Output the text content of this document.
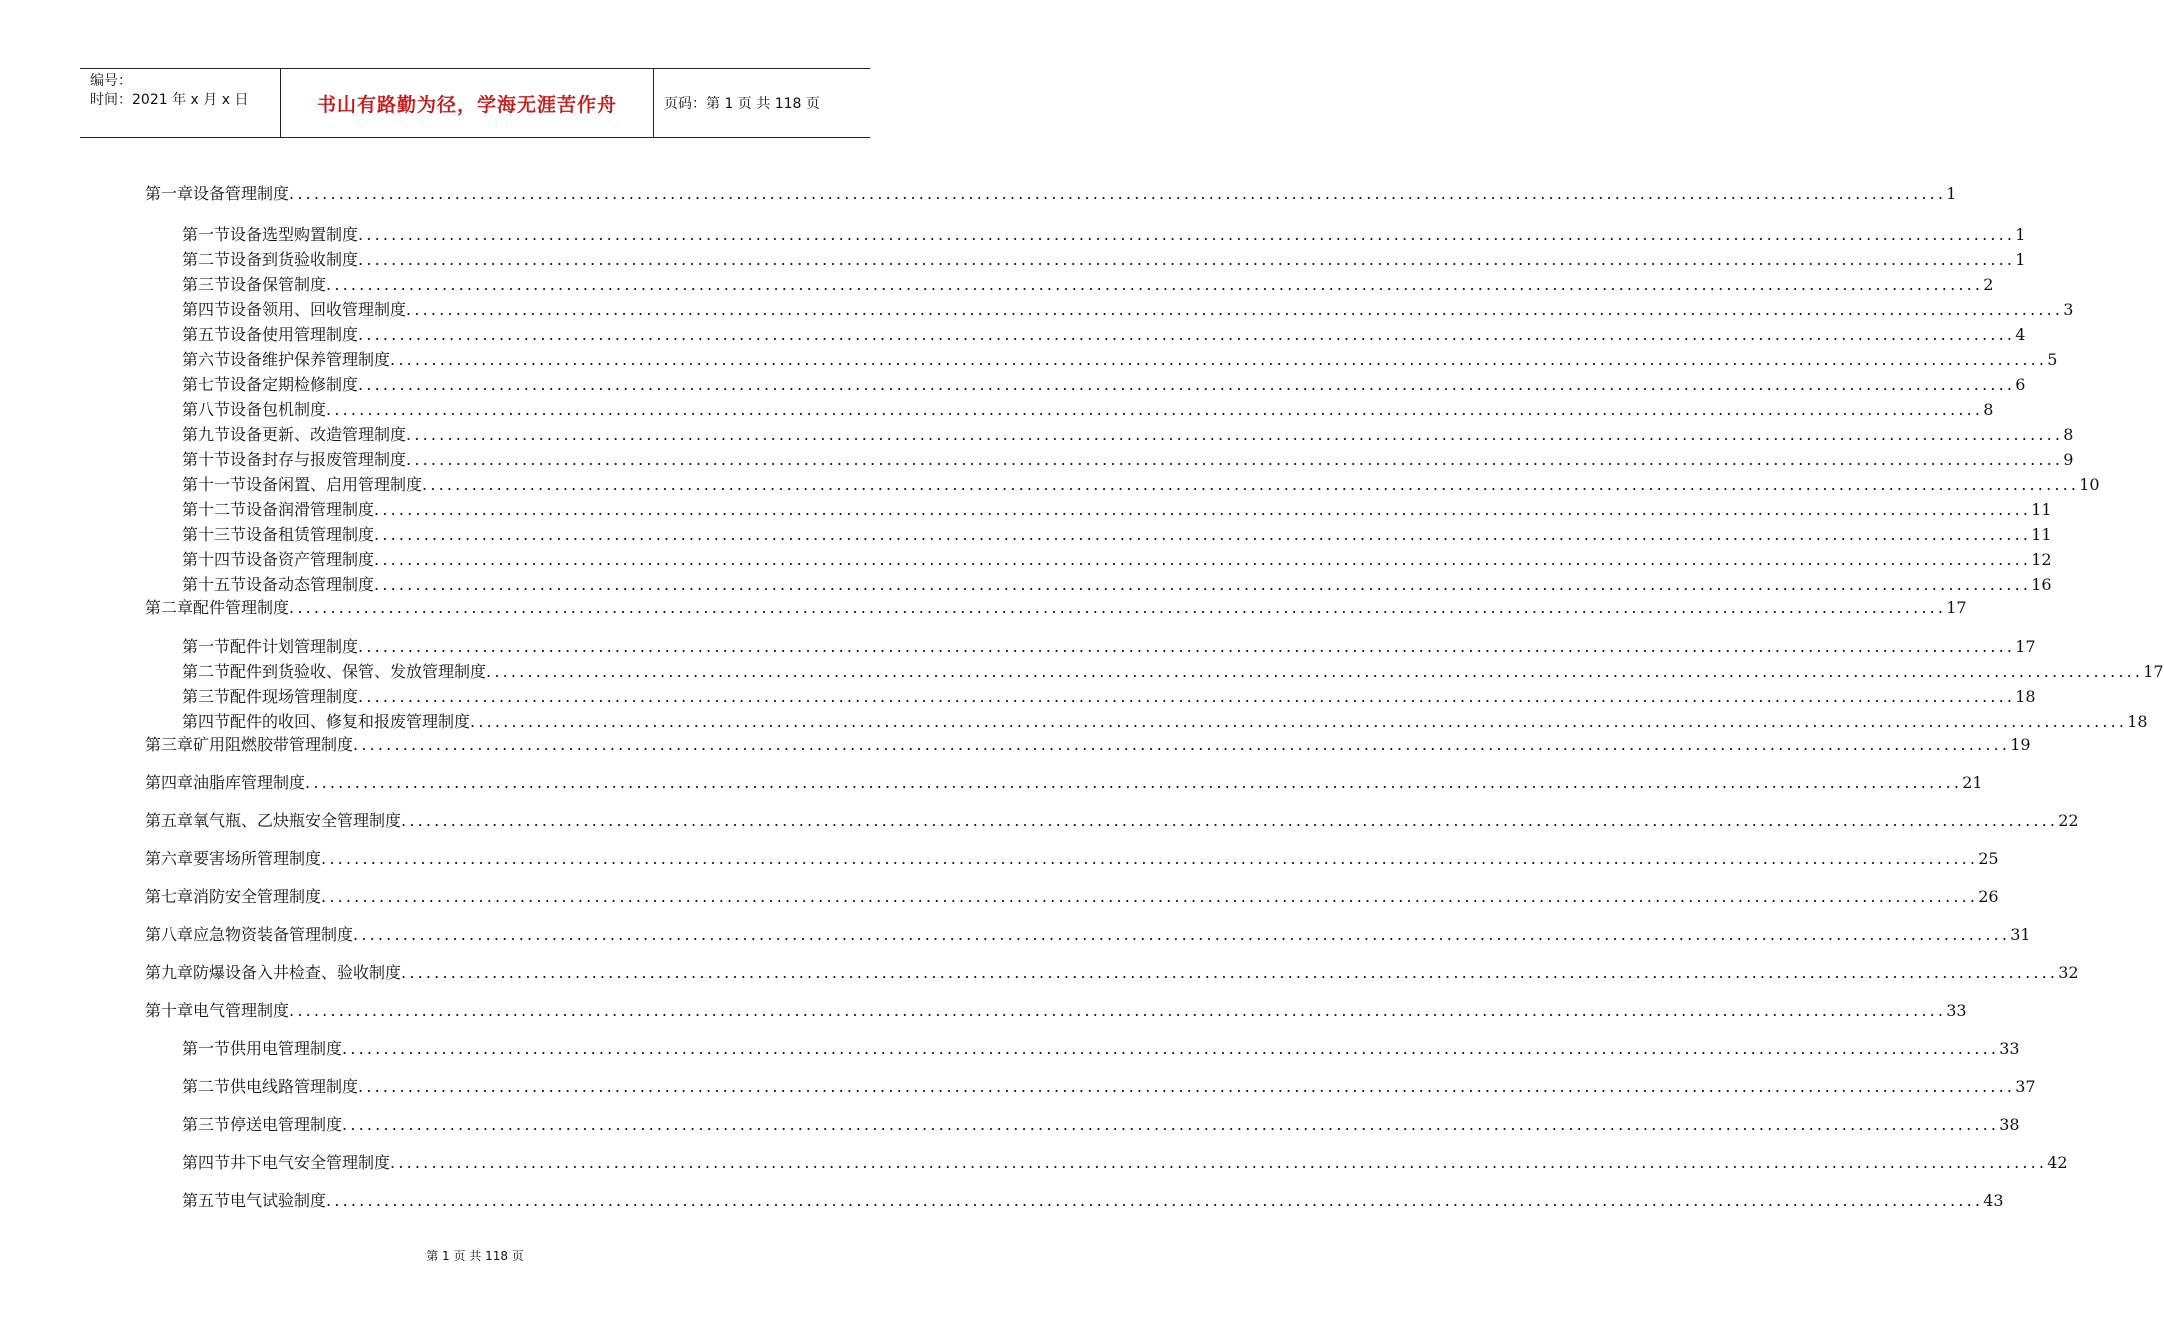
编号：
时间：2021 年 x 月 x 日	书山有路勤为径，学海无涯苦作舟	页码：第 1 页 共 118 页
第一章 设备管理制度 ........................................................................................................................................................................................................ 1
第一节 设备选型购置制度 ........................................................................................................................................................................................................ 1
第二节 设备到货验收制度 ........................................................................................................................................................................................................ 1
第三节 设备保管制度 ........................................................................................................................................................................................................ 2
第四节 设备领用、回收管理制度 ........................................................................................................................................................................................................ 3
第五节 设备使用管理制度 ........................................................................................................................................................................................................ 4
第六节 设备维护保养管理制度 ........................................................................................................................................................................................................ 5
第七节 设备定期检修制度 ........................................................................................................................................................................................................ 6
第八节 设备包机制度 ........................................................................................................................................................................................................ 8
第九节 设备更新、改造管理制度 ........................................................................................................................................................................................................ 8
第十节 设备封存与报废管理制度 ........................................................................................................................................................................................................ 9
第十一节 设备闲置、启用管理制度 ........................................................................................................................................................................................................ 10
第十二节 设备润滑管理制度 ........................................................................................................................................................................................................ 11
第十三节 设备租赁管理制度 ........................................................................................................................................................................................................ 11
第十四节 设备资产管理制度 ........................................................................................................................................................................................................ 12
第十五节 设备动态管理制度 ........................................................................................................................................................................................................ 16
第二章 配件管理制度 ........................................................................................................................................................................................................ 17
第一节 配件计划管理制度 ........................................................................................................................................................................................................ 17
第二节 配件到货验收、保管、发放管理制度 ........................................................................................................................................................................................................ 17
第三节 配件现场管理制度 ........................................................................................................................................................................................................ 18
第四节 配件的收回、修复和报废管理制度 ........................................................................................................................................................................................................ 18
第三章 矿用阻燃胶带管理制度 ........................................................................................................................................................................................................ 19
第四章 油脂库管理制度 ........................................................................................................................................................................................................ 21
第五章 氧气瓶、乙炔瓶安全管理制度 ........................................................................................................................................................................................................ 22
第六章 要害场所管理制度 ........................................................................................................................................................................................................ 25
第七章 消防安全管理制度 ........................................................................................................................................................................................................ 26
第八章 应急物资装备管理制度 ........................................................................................................................................................................................................ 31
第九章 防爆设备入井检查、验收制度 ........................................................................................................................................................................................................ 32
第十章 电气管理制度 ........................................................................................................................................................................................................ 33
第一节 供用电管理制度 ........................................................................................................................................................................................................ 33
第二节 供电线路管理制度 ........................................................................................................................................................................................................ 37
第三节 停送电管理制度 ........................................................................................................................................................................................................ 38
第四节 井下电气安全管理制度 ........................................................................................................................................................................................................ 42
第五节 电气试验制度 ........................................................................................................................................................................................................ 43
第 1 页 共 118 页
